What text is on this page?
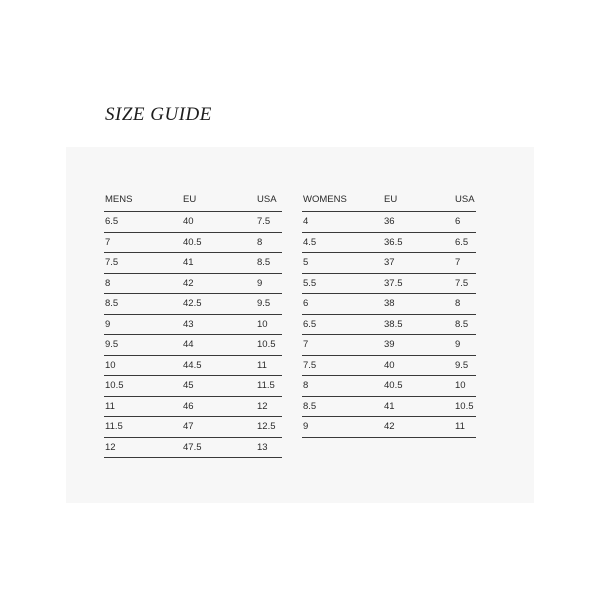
SIZE GUIDE
MENS	EU	USA
6.5	40	7.5
7	40.5	8
7.5	41	8.5
8	42	9
8.5	42.5	9.5
9	43	10
9.5	44	10.5
10	44.5	11
10.5	45	11.5
11	46	12
11.5	47	12.5
12	47.5	13
WOMENS	EU	USA
4	36	6
4.5	36.5	6.5
5	37	7
5.5	37.5	7.5
6	38	8
6.5	38.5	8.5
7	39	9
7.5	40	9.5
8	40.5	10
8.5	41	10.5
9	42	11
